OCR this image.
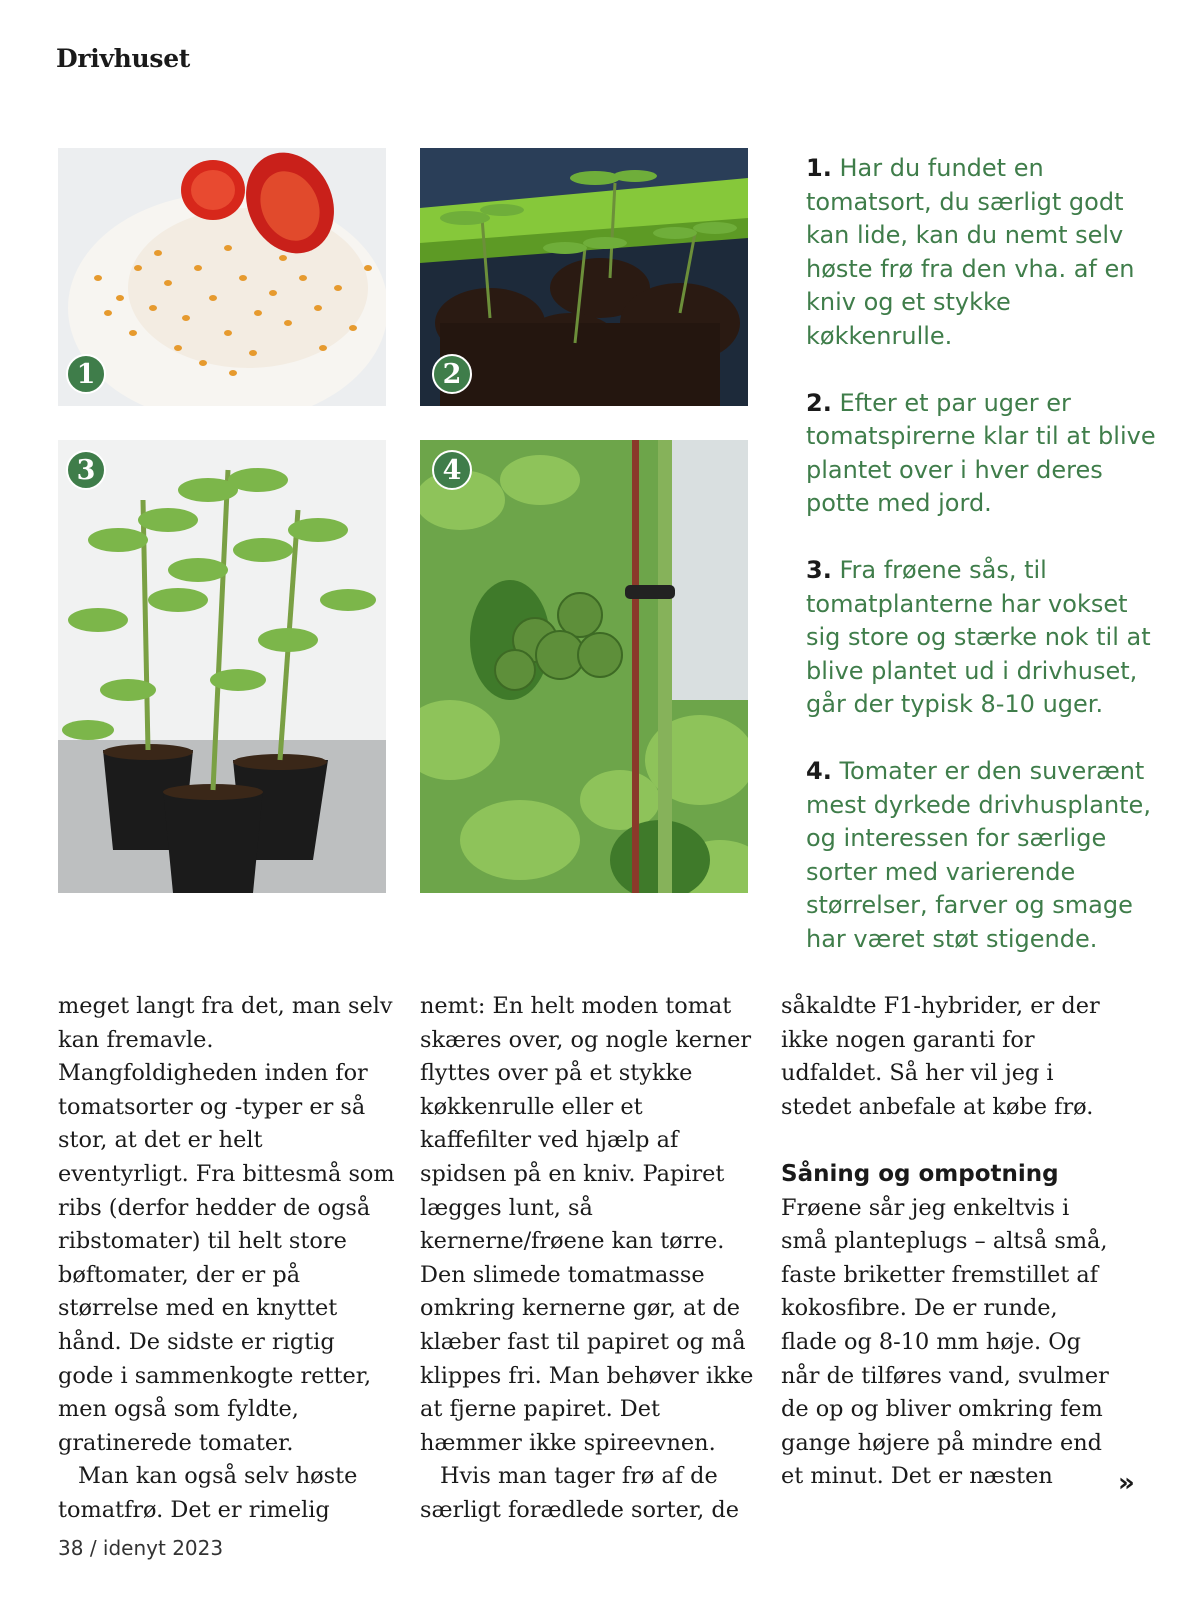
Drivhuset
1	2
3	4
1. Har du fundet en tomatsort, du særligt godt kan lide, kan du nemt selv høste frø fra den vha. af en kniv og et stykke køkkenrulle.
2. Efter et par uger er tomatspirerne klar til at blive plantet over i hver deres potte med jord.
3. Fra frøene sås, til tomatplanterne har vokset sig store og stærke nok til at blive plantet ud i drivhuset, går der typisk 8-10 uger.
4. Tomater er den suverænt mest dyrkede drivhusplante, og interessen for særlige sorter med varierende størrelser, farver og smage har været støt stigende.

meget langt fra det, man selv kan fremavle. Mangfoldigheden inden for tomatsorter og -typer er så stor, at det er helt eventyrligt. Fra bittesmå som ribs (derfor hedder de også ribstomater) til helt store bøftomater, der er på størrelse med en knyttet hånd. De sidste er rigtig gode i sammenkogte retter, men også som fyldte, gratinerede tomater.

Man kan også selv høste tomatfrø. Det er rimelig

nemt: En helt moden tomat skæres over, og nogle kerner flyttes over på et stykke køkkenrulle eller et kaffefilter ved hjælp af spidsen på en kniv. Papiret lægges lunt, så kernerne/frøene kan tørre. Den slimede tomatmasse omkring kernerne gør, at de klæber fast til papiret og må klippes fri. Man behøver ikke at fjerne papiret. Det hæmmer ikke spireevnen.

Hvis man tager frø af de særligt forædlede sorter, de

såkaldte F1-hybrider, er der ikke nogen garanti for udfaldet. Så her vil jeg i stedet anbefale at købe frø.

Såning og ompotning

Frøene sår jeg enkeltvis i små planteplugs – altså små, faste briketter fremstillet af kokosfibre. De er runde, flade og 8-10 mm høje. Og når de tilføres vand, svulmer de op og bliver omkring fem gange højere på mindre end et minut. Det er næsten	»
38 / idenyt 2023
